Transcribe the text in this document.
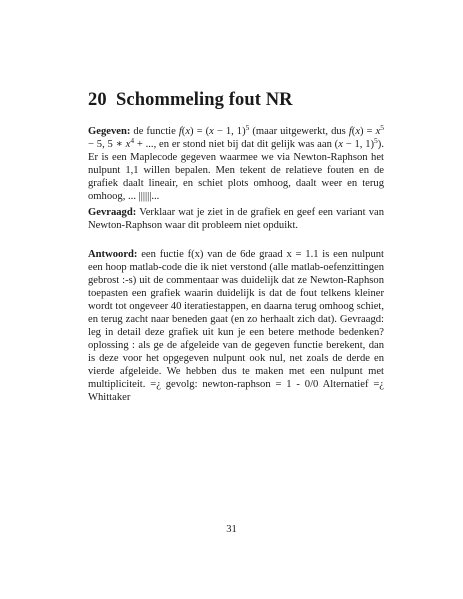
20 Schommeling fout NR

Gegeven: de functie f(x) = (x − 1, 1)$^5$ (maar uitgewerkt, dus $f(x) = x^5 - 5$, 5 ∗ $x^4$ + ..., en er stond niet bij dat dit gelijk was aan (x − 1, 1)$^5$). Er is een Maplecode gegeven waarmee we via Newton-Raphson het nulpunt 1,1 willen bepalen. Men tekent de relatieve fouten en de grafiek daalt lineair, en schiet plots omhoog, daalt weer en terug omhoog, ... ||||||...

Gevraagd: Verklaar wat je ziet in de grafiek en geef een variant van Newton-Raphson waar dit probleem niet opduikt.

Antwoord: een fuctie f(x) van de 6de graad x = 1.1 is een nulpunt een hoop matlab-code die ik niet verstond (alle matlab-oefenzittingen gebrost :-s) uit de commentaar was duidelijk dat ze Newton-Raphson toepasten een grafiek waarin duidelijk is dat de fout telkens kleiner wordt tot ongeveer 40 iteratiestappen, en daarna terug omhoog schiet, en terug zacht naar beneden gaat (en zo herhaalt zich dat). Gevraagd: leg in detail deze grafiek uit kun je een betere methode bedenken? oplossing : als ge de afgeleide van de gegeven functie berekent, dan is deze voor het opgegeven nulpunt ook nul, net zoals de derde en vierde afgeleide. We hebben dus te maken met een nulpunt met multipliciteit. =¿ gevolg: newton-raphson = 1 - 0/0 Alternatief =¿ Whittaker

31
